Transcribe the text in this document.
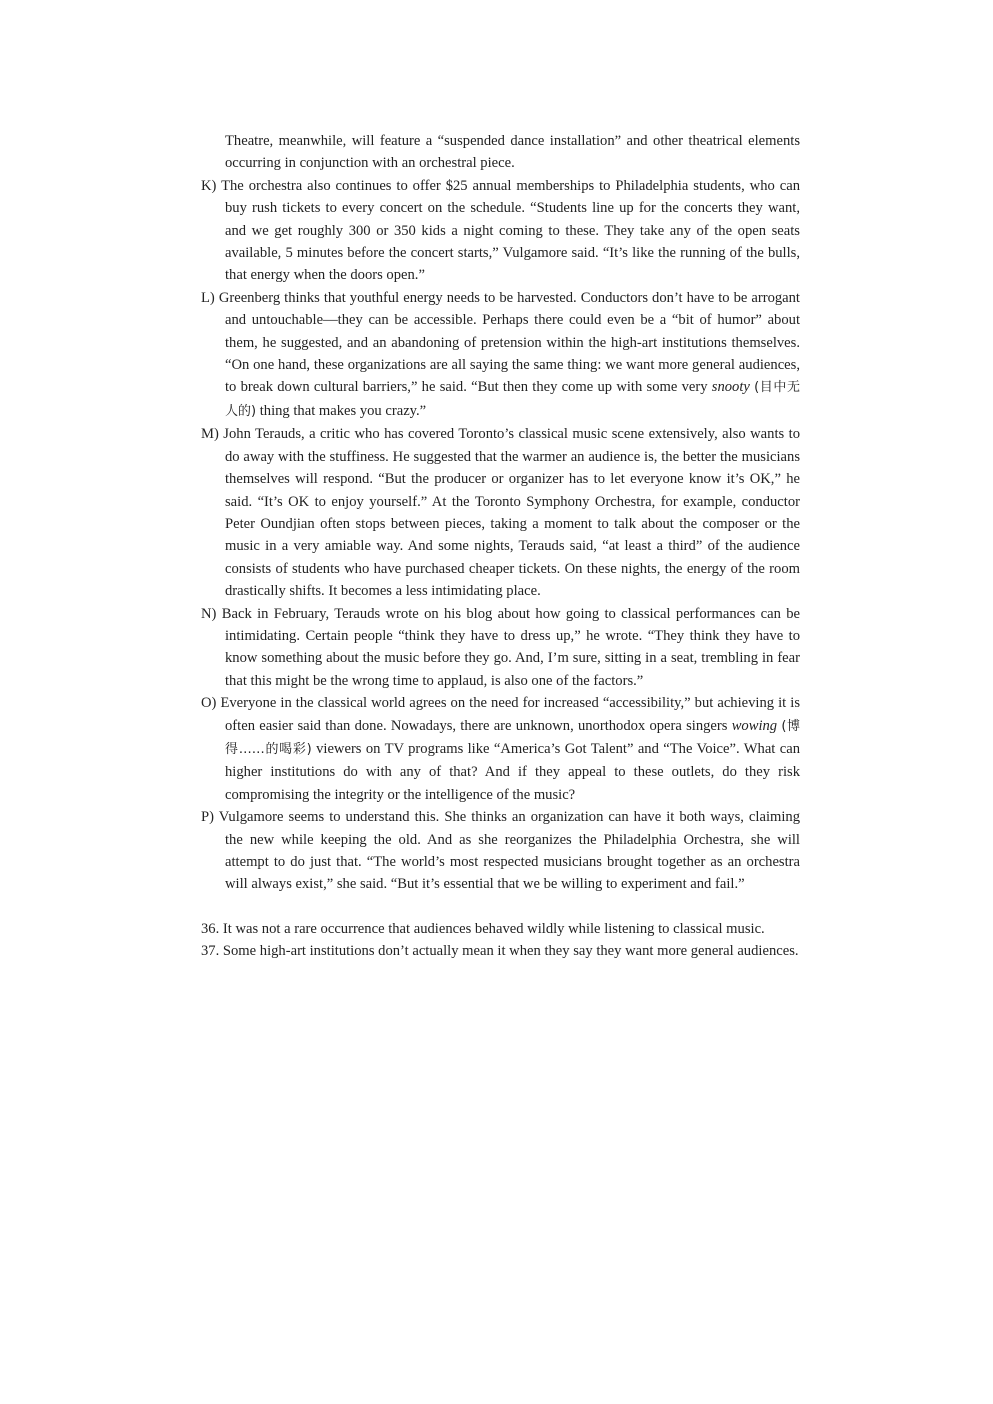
Theatre, meanwhile, will feature a “suspended dance installation” and other theatrical elements occurring in conjunction with an orchestral piece.

K) The orchestra also continues to offer $25 annual memberships to Philadelphia students, who can buy rush tickets to every concert on the schedule. “Students line up for the concerts they want, and we get roughly 300 or 350 kids a night coming to these. They take any of the open seats available, 5 minutes before the concert starts,” Vulgamore said. “It’s like the running of the bulls, that energy when the doors open.”

L) Greenberg thinks that youthful energy needs to be harvested. Conductors don’t have to be arrogant and untouchable—they can be accessible. Perhaps there could even be a “bit of humor” about them, he suggested, and an abandoning of pretension within the high-art institutions themselves. “On one hand, these organizations are all saying the same thing: we want more general audiences, to break down cultural barriers,” he said. “But then they come up with some very snooty (目中无人的) thing that makes you crazy.”

M) John Terauds, a critic who has covered Toronto’s classical music scene extensively, also wants to do away with the stuffiness. He suggested that the warmer an audience is, the better the musicians themselves will respond. “But the producer or organizer has to let everyone know it’s OK,” he said. “It’s OK to enjoy yourself.” At the Toronto Symphony Orchestra, for example, conductor Peter Oundjian often stops between pieces, taking a moment to talk about the composer or the music in a very amiable way. And some nights, Terauds said, “at least a third” of the audience consists of students who have purchased cheaper tickets. On these nights, the energy of the room drastically shifts. It becomes a less intimidating place.

N) Back in February, Terauds wrote on his blog about how going to classical performances can be intimidating. Certain people “think they have to dress up,” he wrote. “They think they have to know something about the music before they go. And, I’m sure, sitting in a seat, trembling in fear that this might be the wrong time to applaud, is also one of the factors.”

O) Everyone in the classical world agrees on the need for increased “accessibility,” but achieving it is often easier said than done. Nowadays, there are unknown, unorthodox opera singers wowing (博得……的喝彩) viewers on TV programs like “America’s Got Talent” and “The Voice”. What can higher institutions do with any of that? And if they appeal to these outlets, do they risk compromising the integrity or the intelligence of the music?

P) Vulgamore seems to understand this. She thinks an organization can have it both ways, claiming the new while keeping the old. And as she reorganizes the Philadelphia Orchestra, she will attempt to do just that. “The world’s most respected musicians brought together as an orchestra will always exist,” she said. “But it’s essential that we be willing to experiment and fail.”

36. It was not a rare occurrence that audiences behaved wildly while listening to classical music.

37. Some high-art institutions don’t actually mean it when they say they want more general audiences.
